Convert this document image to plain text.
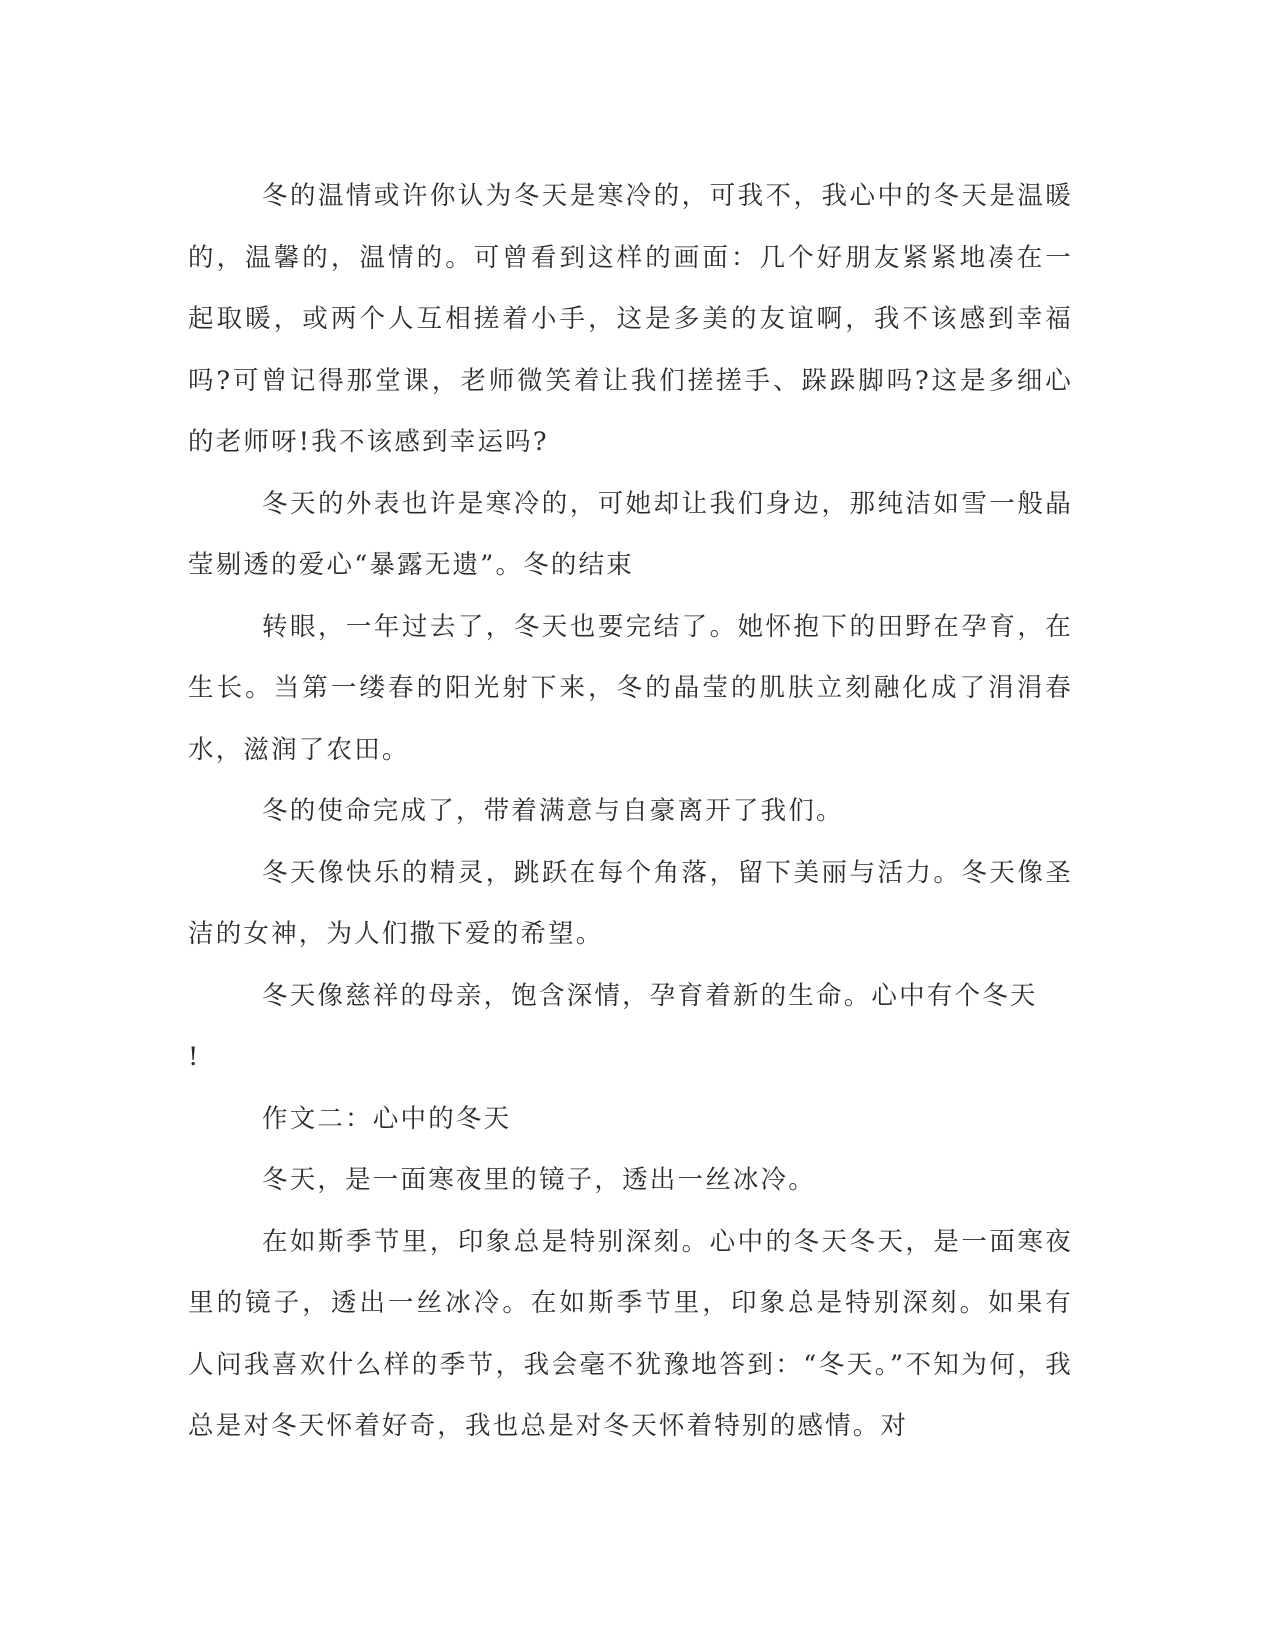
冬的温情或许你认为冬天是寒冷的，可我不，我心中的冬天是温暖的，温馨的，温情的。可曾看到这样的画面：几个好朋友紧紧地凑在一起取暖，或两个人互相搓着小手，这是多美的友谊啊，我不该感到幸福吗?可曾记得那堂课，老师微笑着让我们搓搓手、跺跺脚吗?这是多细心的老师呀!我不该感到幸运吗?

冬天的外表也许是寒冷的，可她却让我们身边，那纯洁如雪一般晶莹剔透的爱心“暴露无遗”。冬的结束

转眼，一年过去了，冬天也要完结了。她怀抱下的田野在孕育，在生长。当第一缕春的阳光射下来，冬的晶莹的肌肤立刻融化成了涓涓春水，滋润了农田。

冬的使命完成了，带着满意与自豪离开了我们。

冬天像快乐的精灵，跳跃在每个角落，留下美丽与活力。冬天像圣洁的女神，为人们撒下爱的希望。

冬天像慈祥的母亲，饱含深情，孕育着新的生命。心中有个冬天

!

作文二：心中的冬天

冬天，是一面寒夜里的镜子，透出一丝冰冷。

在如斯季节里，印象总是特别深刻。心中的冬天冬天，是一面寒夜里的镜子，透出一丝冰冷。在如斯季节里，印象总是特别深刻。如果有人问我喜欢什么样的季节，我会毫不犹豫地答到：“冬天。”不知为何，我总是对冬天怀着好奇，我也总是对冬天怀着特别的感情。对
